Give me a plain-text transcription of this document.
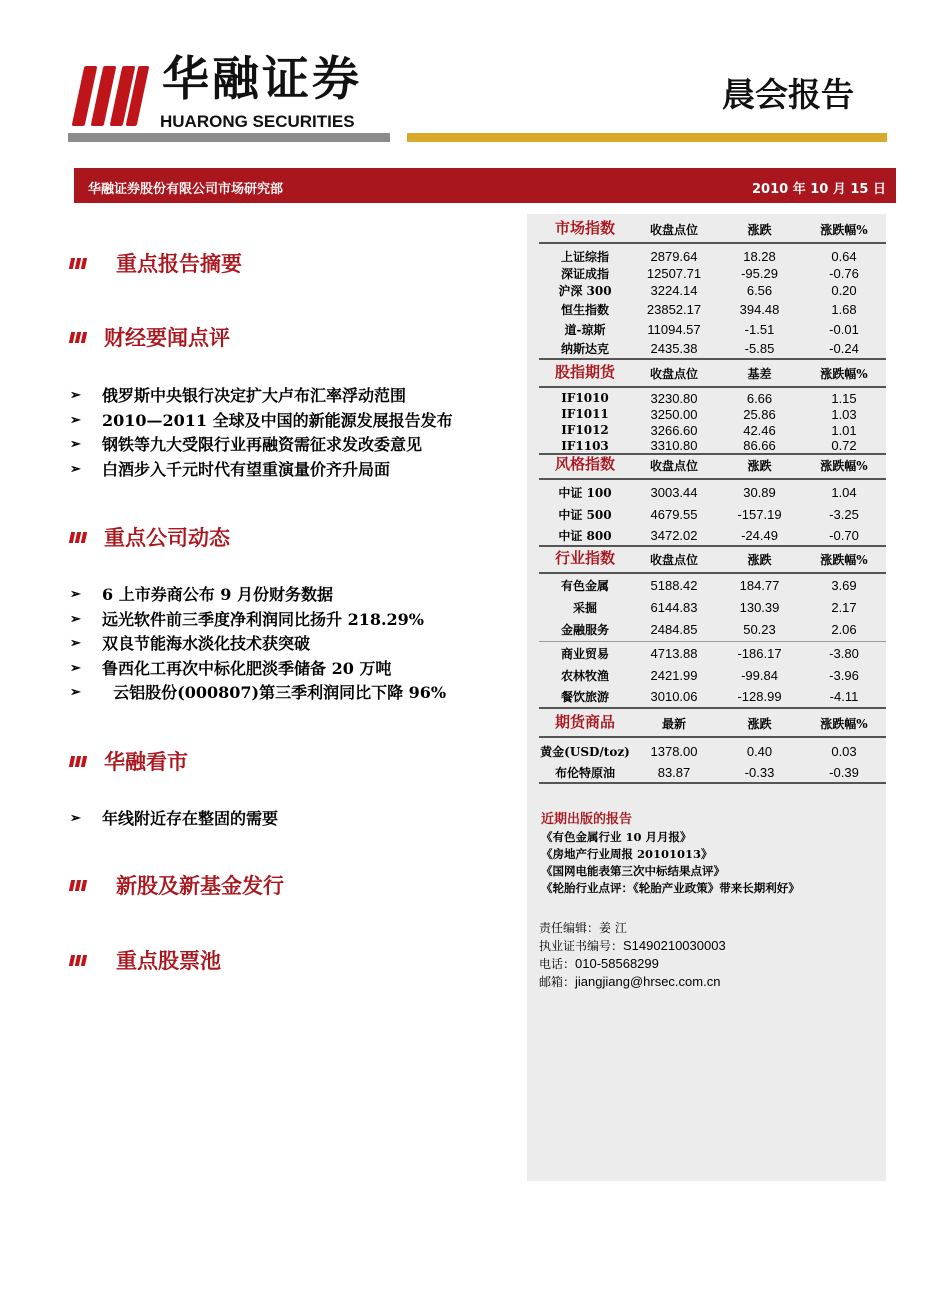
华融证券
HUARONG SECURITIES
晨会报告
华融证券股份有限公司市场研究部	2010 年 10 月 15 日
重点报告摘要
财经要闻点评
➢ 俄罗斯中央银行决定扩大卢布汇率浮动范围
➢ 2010—2011 全球及中国的新能源发展报告发布
➢ 钢铁等九大受限行业再融资需征求发改委意见
➢ 白酒步入千元时代有望重演量价齐升局面
重点公司动态
➢ 6 上市券商公布 9 月份财务数据
➢ 远光软件前三季度净利润同比扬升 218.29%
➢ 双良节能海水淡化技术获突破
➢ 鲁西化工再次中标化肥淡季储备 20 万吨
➢ 云铝股份(000807)第三季利润同比下降 96%
华融看市
➢ 年线附近存在整固的需要
新股及新基金发行
重点股票池
市场指数	收盘点位	涨跌	涨跌幅%
上证综指	2879.64	18.28	0.64
深证成指	12507.71	-95.29	-0.76
沪深 300	3224.14	6.56	0.20
恒生指数	23852.17	394.48	1.68
道-琼斯	11094.57	-1.51	-0.01
纳斯达克	2435.38	-5.85	-0.24
股指期货	收盘点位	基差	涨跌幅%
IF1010	3230.80	6.66	1.15
IF1011	3250.00	25.86	1.03
IF1012	3266.60	42.46	1.01
IF1103	3310.80	86.66	0.72
风格指数	收盘点位	涨跌	涨跌幅%
中证 100	3003.44	30.89	1.04
中证 500	4679.55	-157.19	-3.25
中证 800	3472.02	-24.49	-0.70
行业指数	收盘点位	涨跌	涨跌幅%
有色金属	5188.42	184.77	3.69
采掘	6144.83	130.39	2.17
金融服务	2484.85	50.23	2.06
商业贸易	4713.88	-186.17	-3.80
农林牧渔	2421.99	-99.84	-3.96
餐饮旅游	3010.06	-128.99	-4.11
期货商品	最新	涨跌	涨跌幅%
黄金(USD/toz)	1378.00	0.40	0.03
布伦特原油	83.87	-0.33	-0.39
近期出版的报告
《有色金属行业 10 月月报》
《房地产行业周报 20101013》
《国网电能表第三次中标结果点评》
《轮胎行业点评：《轮胎产业政策》带来长期利好》
责任编辑：姜 江
执业证书编号：S1490210030003
电话：010-58568299
邮箱：jiangjiang@hrsec.com.cn
